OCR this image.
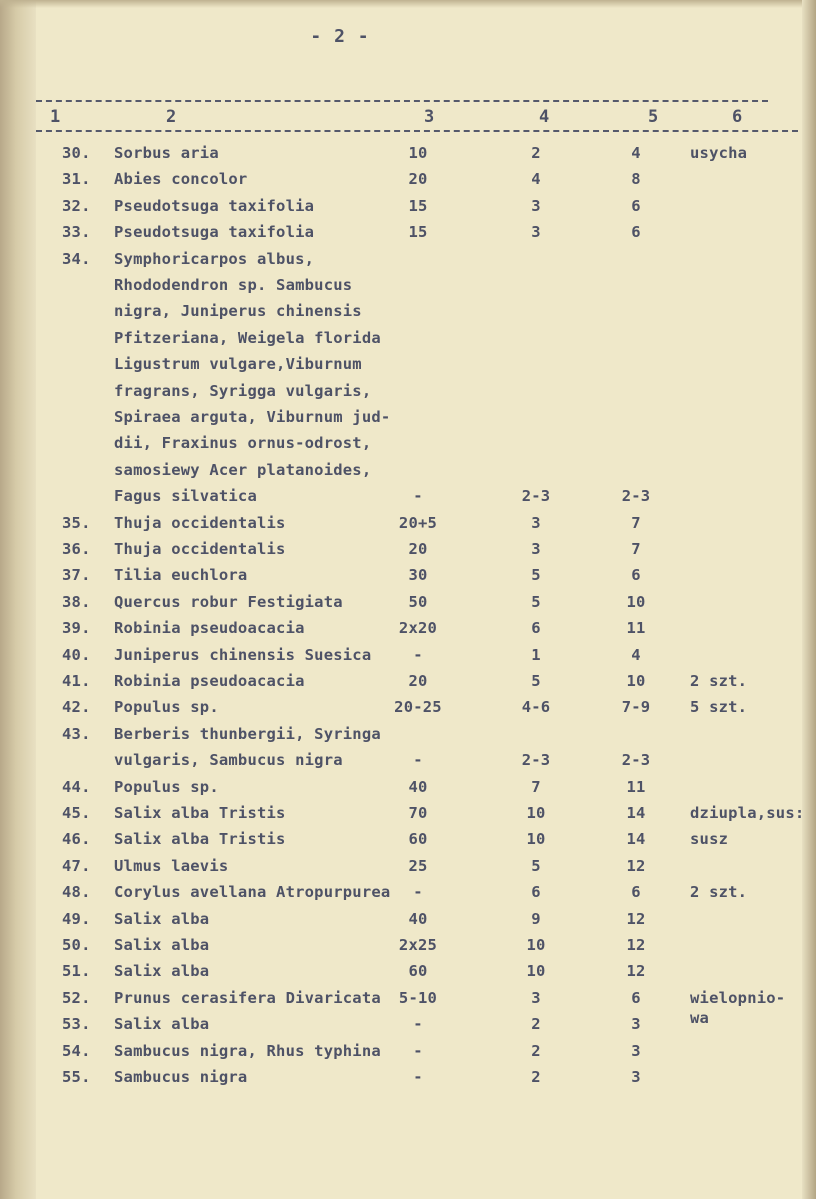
- 2 -
1	2	3	4	5	6
30. Sorbus aria	10	2	4	usycha
31. Abies concolor	20	4	8
32. Pseudotsuga taxifolia	15	3	6
33. Pseudotsuga taxifolia	15	3	6
34. Symphoricarpos albus,
Rhododendron sp. Sambucus
nigra, Juniperus chinensis
Pfitzeriana, Weigela florida
Ligustrum vulgare,Viburnum
fragrans, Syrigga vulgaris,
Spiraea arguta, Viburnum jud-
dii, Fraxinus ornus-odrost,
samosiewy Acer platanoides,
Fagus silvatica	-	2-3	2-3
35. Thuja occidentalis	20+5	3	7
36. Thuja occidentalis	20	3	7
37. Tilia euchlora	30	5	6
38. Quercus robur Festigiata	50	5	10
39. Robinia pseudoacacia	2x20	6	11
40. Juniperus chinensis Suesica	-	1	4
41. Robinia pseudoacacia	20	5	10	2 szt.
42. Populus sp.	20-25	4-6	7-9	5 szt.
43. Berberis thunbergii, Syringa
vulgaris, Sambucus nigra	-	2-3	2-3
44. Populus sp.	40	7	11
45. Salix alba Tristis	70	10	14	dziupla,sus:
46. Salix alba Tristis	60	10	14	susz
47. Ulmus laevis	25	5	12
48. Corylus avellana Atropurpurea	-	6	6	2 szt.
49. Salix alba	40	9	12
50. Salix alba	2x25	10	12
51. Salix alba	60	10	12
52. Prunus cerasifera Divaricata	5-10	3	6	wielopnio-
wa
53. Salix alba	-	2	3
54. Sambucus nigra, Rhus typhina	-	2	3
55. Sambucus nigra	-	2	3
